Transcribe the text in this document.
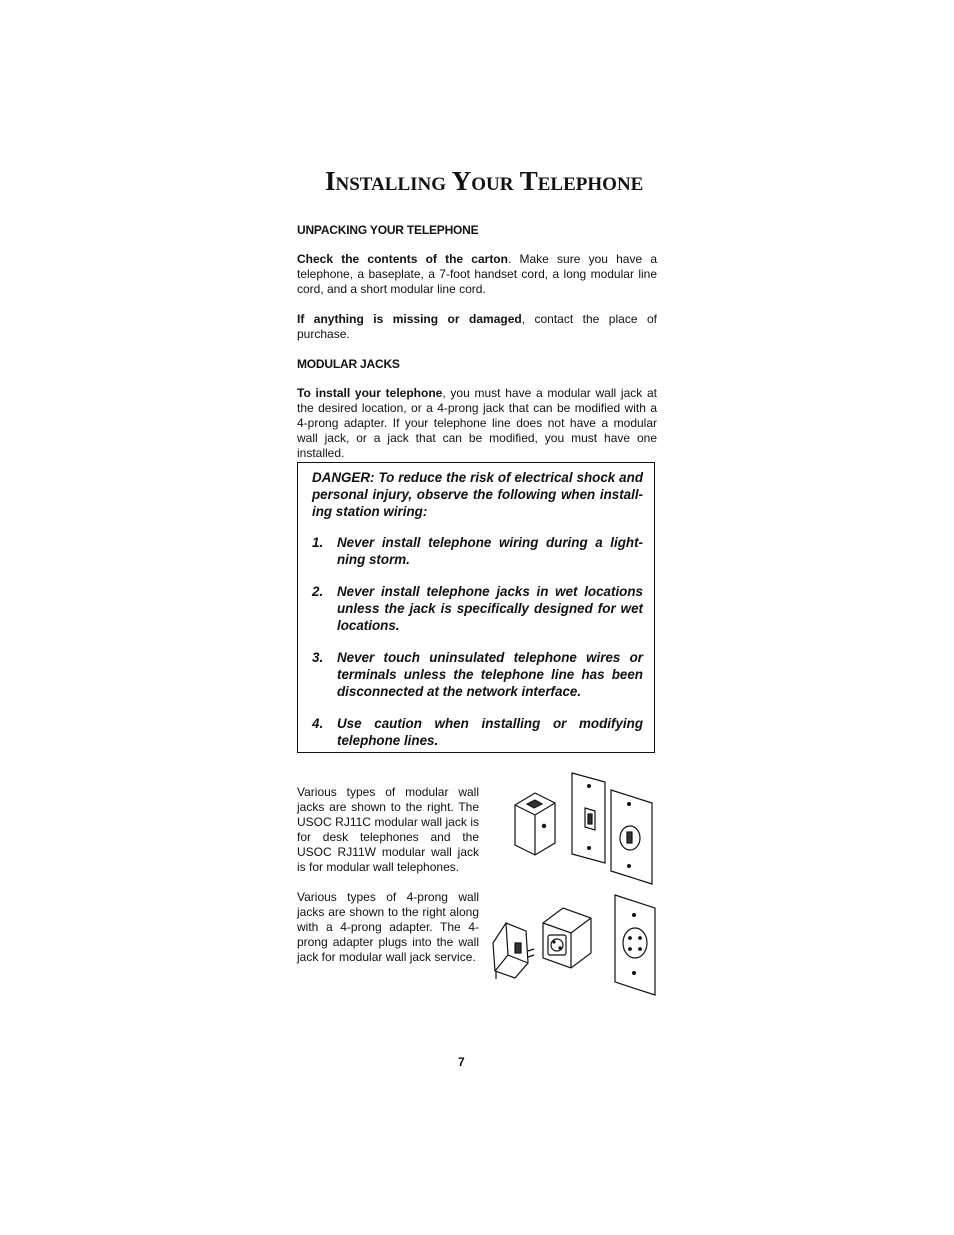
Installing Your Telephone
UNPACKING YOUR TELEPHONE

Check the contents of the carton. Make sure you have a telephone, a baseplate, a 7-foot handset cord, a long modular line cord, and a short modular line cord.

If anything is missing or damaged, contact the place of purchase.

MODULAR JACKS

To install your telephone, you must have a modular wall jack at the desired location, or a 4-prong jack that can be modified with a 4-prong adapter. If your telephone line does not have a modular wall jack, or a jack that can be modified, you must have one installed.

DANGER: To reduce the risk of electrical shock and personal injury, observe the following when install-ing station wiring:

1.	Never install telephone wiring during a light-ning storm.
2.	Never install telephone jacks in wet locations unless the jack is specifically designed for wet locations.
3.	Never touch uninsulated telephone wires or terminals unless the telephone line has been disconnected at the network interface.
4.	Use caution when installing or modifying telephone lines.

Various types of modular wall jacks are shown to the right. The USOC RJ11C modular wall jack is for desk telephones and the USOC RJ11W modular wall jack is for modular wall telephones.

Various types of 4-prong wall jacks are shown to the right along with a 4-prong adapter. The 4-prong adapter plugs into the wall jack for modular wall jack service.

7
